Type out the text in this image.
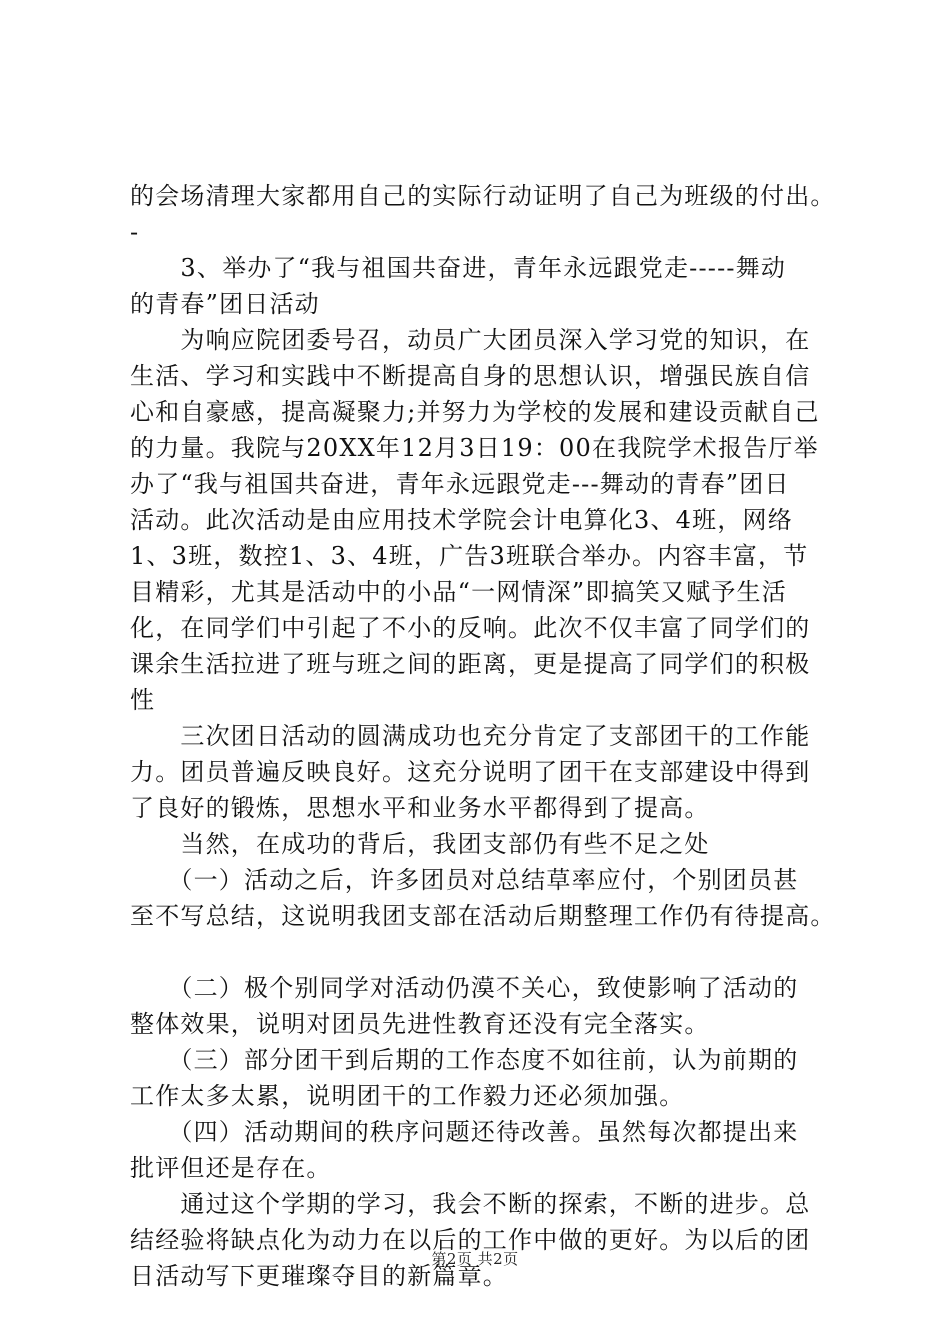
的会场清理大家都用自己的实际行动证明了自己为班级的付出。
-
　　3、举办了“我与祖国共奋进，青年永远跟党走-----舞动
的青春”团日活动
　　为响应院团委号召，动员广大团员深入学习党的知识，在
生活、学习和实践中不断提高自身的思想认识，增强民族自信
心和自豪感，提高凝聚力;并努力为学校的发展和建设贡献自己
的力量。我院与20XX年12月3日19：00在我院学术报告厅举
办了“我与祖国共奋进，青年永远跟党走---舞动的青春”团日
活动。此次活动是由应用技术学院会计电算化3、4班，网络
1、3班，数控1、3、4班，广告3班联合举办。内容丰富，节
目精彩，尤其是活动中的小品“一网情深”即搞笑又赋予生活
化，在同学们中引起了不小的反响。此次不仅丰富了同学们的
课余生活拉进了班与班之间的距离，更是提高了同学们的积极
性
　　三次团日活动的圆满成功也充分肯定了支部团干的工作能
力。团员普遍反映良好。这充分说明了团干在支部建设中得到
了良好的锻炼，思想水平和业务水平都得到了提高。
　　当然，在成功的背后，我团支部仍有些不足之处
　　（一）活动之后，许多团员对总结草率应付，个别团员甚
至不写总结，这说明我团支部在活动后期整理工作仍有待提高。
　　（二）极个别同学对活动仍漠不关心，致使影响了活动的
整体效果，说明对团员先进性教育还没有完全落实。
　　（三）部分团干到后期的工作态度不如往前，认为前期的
工作太多太累，说明团干的工作毅力还必须加强。
　　（四）活动期间的秩序问题还待改善。虽然每次都提出来
批评但还是存在。
　　通过这个学期的学习，我会不断的探索，不断的进步。总
结经验将缺点化为动力在以后的工作中做的更好。为以后的团
日活动写下更璀璨夺目的新篇章。
第2页 共2页
